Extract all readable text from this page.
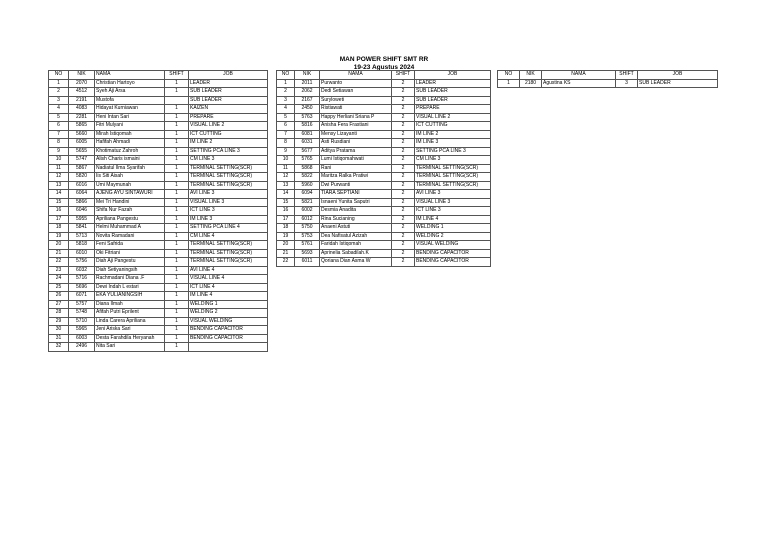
MAN POWER SHIFT SMT RR
19-23 Agustus 2024
NO	NIK	NAMA	SHIFT	JOB
1	2070	Christian Hartoyo	1	LEADER
2	4512	Syeh Aji Arsa	1	SUB LEADER
3	2191	Mustofa		SUB LEADER
4	4083	Hidayat Kurniawan	1	KAIZEN
5	2281	Heni Intan Sari	1	PREPARE
6	5865	Fitri Mulyani	1	VISUAL LINE 2
7	5660	Mirah Istiqomah	1	ICT CUTTING
8	6005	Hafifah Ahmadi	1	IM LINE 2
9	5655	Khotimatuz Zahroh	1	SETTING PCA LINE 3
10	5747	Alish Charis ismaini	1	CM LINE 3
11	5867	Nadiatul Ilma Syarifah	1	TERMINAL SETTING(SCR)
12	5820	Iis Siti Aisah	1	TERMINAL SETTING(SCR)
13	6016	Umi Maymunah	1	TERMINAL SETTING(SCR)
14	6064	AJENG AYU SINTAWURI	1	AVI LINE 3
15	5866	Mei Tri Handini	1	VISUAL LINE 3
16	6046	Shifa Nur Fazah	1	ICT LINE 3
17	5955	Apriliana Pangestu	1	IM LINE 3
18	5841	Helmi Muhammad A	1	SETTING PCA LINE 4
19	5713	Novita Ramadani	1	CM LINE 4
20	5818	Feni Safrida	1	TERMINAL SETTING(SCR)
21	6010	Oki Fitriani	1	TERMINAL SETTING(SCR)
22	5756	Diah Aji Pangestu	1	TERMINAL SETTING(SCR)
23	6032	Diah Setiyaningsih	1	AVI LINE 4
24	5716	Rachmadani Diana .F	1	VISUAL LINE 4
25	5696	Dewi Indah L estari	1	ICT LINE 4
26	6071	EKA YULIANINGSIH	1	IM LINE 4
27	5757	Diana Ilmah	1	WELDING 1
28	5748	Afifah Putri Eprilent	1	WELDING 2
29	5710	Linda Carera Apriliana	1	VISUAL WELDING
30	5965	Jeni Ariska Sari	1	BENDING CAPACITOR
31	6003	Desta Farahdila Heryanah	1	BENDING CAPACITOR
32	2496	Nita Sari	1	
NO	NIK	NAMA	SHIFT	JOB
1	2011	Purwanto	2	LEADER
2	2062	Dedi Setiawan	2	SUB LEADER
3	2167	Suryloweti	2	SUB LEADER
4	2450	Ristiawati	2	PREPARE
5	5763	Happy Herliani Sriana P	2	VISUAL LINE 2
6	5816	Anisha Fera Frastiani	2	ICT CUTTING
7	6081	Mensy Lizayanti	2	IM LINE 2
8	6031	Asti Rusdiani	2	IM LINE 3
9	5677	Aditya Pratama	2	SETTING PCA LINE 3
10	5765	Lumi Istiqomahwati	2	CM LINE 3
11	5868	Rani	2	TERMINAL SETTING(SCR)
12	5822	Maritza Ralka Pratiwi	2	TERMINAL SETTING(SCR)
13	5960	Dwi Purwanti	2	TERMINAL SETTING(SCR)
14	6094	TIARA SEPTIANI	2	AVI LINE 3
15	5821	Isnaeni Yunita Saputri	2	VISUAL LINE 3
16	6002	Desmia Anadita	2	ICT LINE 3
17	6012	Rina Sucianing	2	IM LINE 4
18	5750	Anaeni Astuti	2	WELDING 1
19	5753	Dea Nafisatul Azizah	2	WELDING 2
20	5761	Faridah Istiqomah	2	VISUAL WELDING
21	5693	Aprinelia Sabadilah.K	2	BENDING CAPACITOR
22	6011	Qoriana Dian Asma W	2	BENDING CAPACITOR
NO	NIK	NAMA	SHIFT	JOB
1	2180	Agustina KS	3	SUB LEADER
